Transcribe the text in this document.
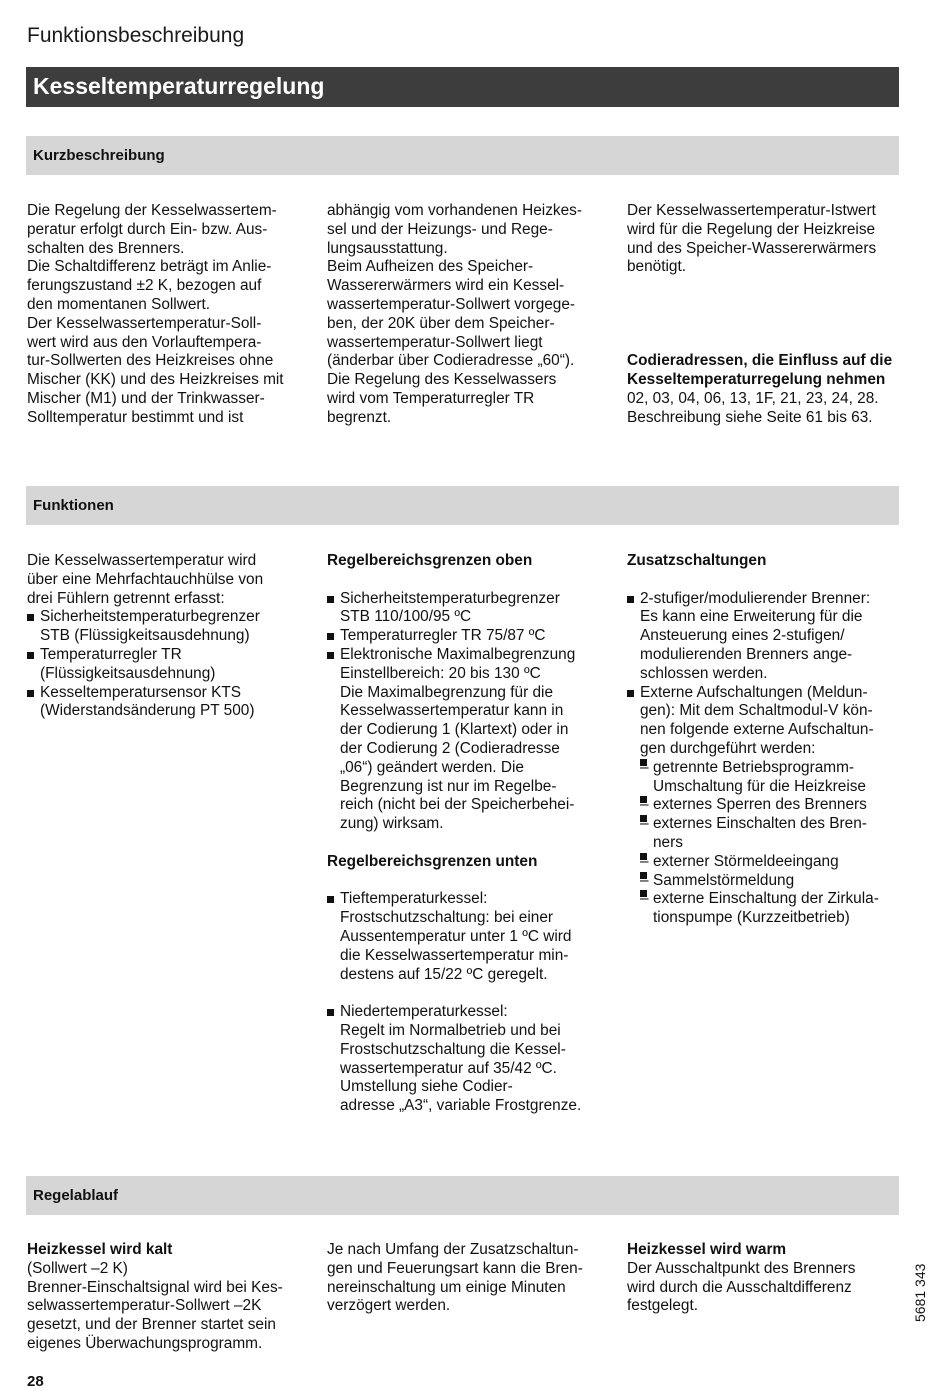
Funktionsbeschreibung
Kesseltemperaturregelung
Kurzbeschreibung

Die Regelung der Kesselwassertem-

peratur erfolgt durch Ein- bzw. Aus-

schalten des Brenners.

Die Schaltdifferenz beträgt im Anlie-

ferungszustand ±2 K, bezogen auf

den momentanen Sollwert.

Der Kesselwassertemperatur-Soll-

wert wird aus den Vorlauftempera-

tur-Sollwerten des Heizkreises ohne

Mischer (KK) und des Heizkreises mit

Mischer (M1) und der Trinkwasser-

Solltemperatur bestimmt und ist

abhängig vom vorhandenen Heizkes-

sel und der Heizungs- und Rege-

lungsausstattung.

Beim Aufheizen des Speicher-

Wassererwärmers wird ein Kessel-

wassertemperatur-Sollwert vorgege-

ben, der 20K über dem Speicher-

wassertemperatur-Sollwert liegt

(änderbar über Codieradresse „60“).

Die Regelung des Kesselwassers

wird vom Temperaturregler TR

begrenzt.

Der Kesselwassertemperatur-Istwert

wird für die Regelung der Heizkreise

und des Speicher-Wassererwärmers

benötigt.

Codieradressen, die Einfluss auf die

Kesseltemperaturregelung nehmen

02, 03, 04, 06, 13, 1F, 21, 23, 24, 28.

Beschreibung siehe Seite 61 bis 63.

Funktionen

Die Kesselwassertemperatur wird

über eine Mehrfachtauchhülse von

drei Fühlern getrennt erfasst:

Sicherheitstemperaturbegrenzer

STB (Flüssigkeitsausdehnung)

Temperaturregler TR

(Flüssigkeitsausdehnung)

Kesseltemperatursensor KTS

(Widerstandsänderung PT 500)

Regelbereichsgrenzen oben

Sicherheitstemperaturbegrenzer

STB 110/100/95 ºC

Temperaturregler TR 75/87 ºC

Elektronische Maximalbegrenzung

Einstellbereich: 20 bis 130 ºC

Die Maximalbegrenzung für die

Kesselwassertemperatur kann in

der Codierung 1 (Klartext) oder in

der Codierung 2 (Codieradresse

„06“) geändert werden. Die

Begrenzung ist nur im Regelbe-

reich (nicht bei der Speicherbehei-

zung) wirksam.

Regelbereichsgrenzen unten

Tieftemperaturkessel:

Frostschutzschaltung: bei einer

Aussentemperatur unter 1 ºC wird

die Kesselwassertemperatur min-

destens auf 15/22 ºC geregelt.

Niedertemperaturkessel:

Regelt im Normalbetrieb und bei

Frostschutzschaltung die Kessel-

wassertemperatur auf 35/42 ºC.

Umstellung siehe Codier-

adresse „A3“, variable Frostgrenze.

Zusatzschaltungen

2-stufiger/modulierender Brenner:

Es kann eine Erweiterung für die

Ansteuerung eines 2-stufigen/

modulierenden Brenners ange-

schlossen werden.

Externe Aufschaltungen (Meldun-

gen): Mit dem Schaltmodul-V kön-

nen folgende externe Aufschaltun-

gen durchgeführt werden:

– getrennte Betriebsprogramm-

Umschaltung für die Heizkreise

– externes Sperren des Brenners

– externes Einschalten des Bren-

ners

– externer Störmeldeeingang

– Sammelstörmeldung

– externe Einschaltung der Zirkula-

tionspumpe (Kurzzeitbetrieb)

Regelablauf

Heizkessel wird kalt

(Sollwert –2 K)

Brenner-Einschaltsignal wird bei Kes-

selwassertemperatur-Sollwert –2K

gesetzt, und der Brenner startet sein

eigenes Überwachungsprogramm.

Je nach Umfang der Zusatzschaltun-

gen und Feuerungsart kann die Bren-

nereinschaltung um einige Minuten

verzögert werden.

Heizkessel wird warm

Der Ausschaltpunkt des Brenners

wird durch die Ausschaltdifferenz

festgelegt.	5681 343
28
